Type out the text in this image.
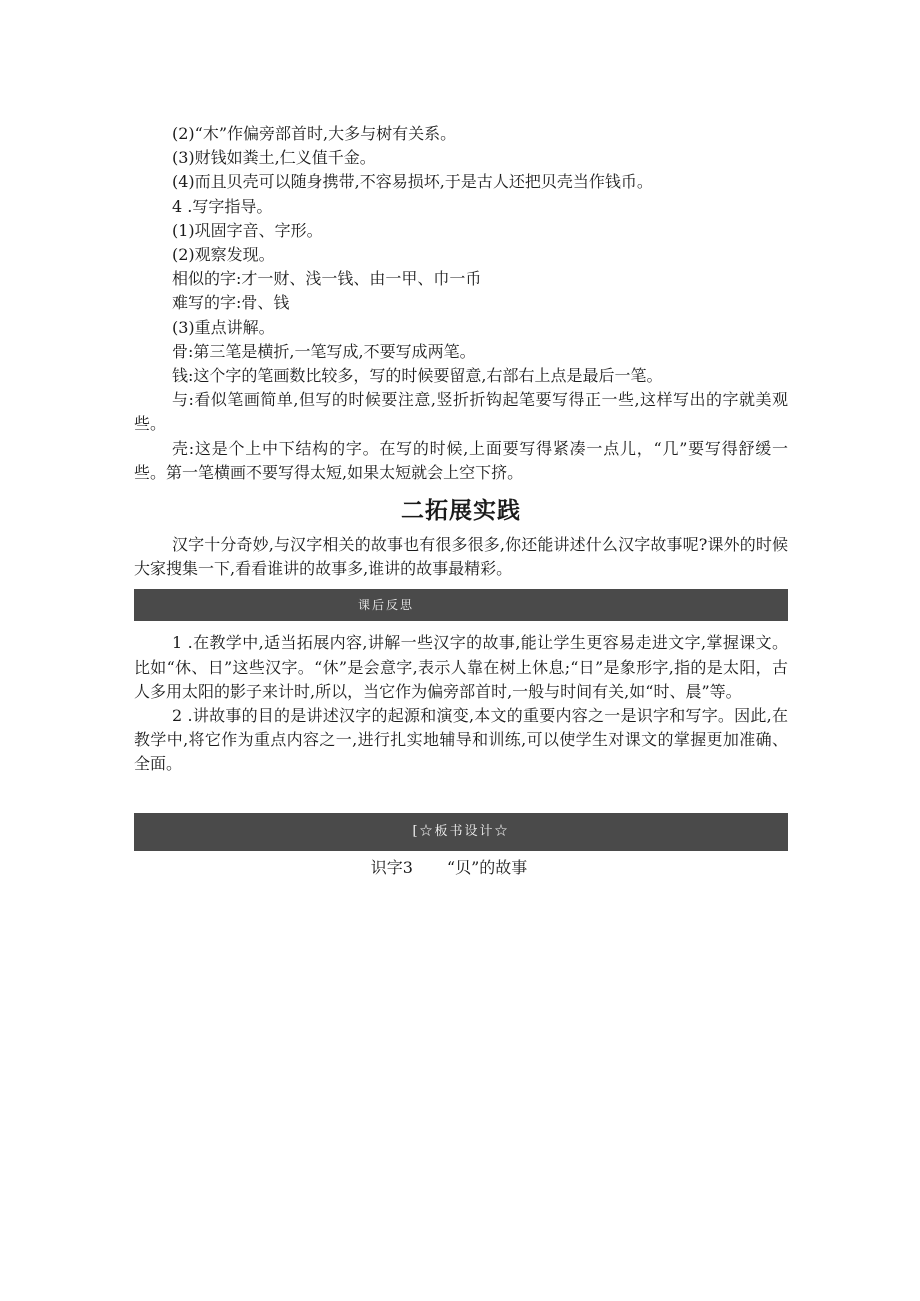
(2)“木”作偏旁部首时,大多与树有关系。

(3)财钱如粪土,仁义值千金。

(4)而且贝壳可以随身携带,不容易损坏,于是古人还把贝壳当作钱币。

4 .写字指导。

(1)巩固字音、字形。

(2)观察发现。

相似的字:才一财、浅一钱、由一甲、巾一币

难写的字:骨、钱

(3)重点讲解。

骨:第三笔是横折,一笔写成,不要写成两笔。

钱:这个字的笔画数比较多，写的时候要留意,右部右上点是最后一笔。

与:看似笔画简单,但写的时候要注意,竖折折钩起笔要写得正一些,这样写出的字就美观些。

壳:这是个上中下结构的字。在写的时候,上面要写得紧凑一点儿，“几”要写得舒缓一些。第一笔横画不要写得太短,如果太短就会上空下挤。

二拓展实践

汉字十分奇妙,与汉字相关的故事也有很多很多,你还能讲述什么汉字故事呢?课外的时候大家搜集一下,看看谁讲的故事多,谁讲的故事最精彩。

课后反思

1 .在教学中,适当拓展内容,讲解一些汉字的故事,能让学生更容易走进文字,掌握课文。比如“休、日”这些汉字。“休”是会意字,表示人靠在树上休息;“日”是象形字,指的是太阳，古人多用太阳的影子来计时,所以，当它作为偏旁部首时,一般与时间有关,如“时、晨”等。

2 .讲故事的目的是讲述汉字的起源和演变,本文的重要内容之一是识字和写字。因此,在教学中,将它作为重点内容之一,进行扎实地辅导和训练,可以使学生对课文的掌握更加准确、全面。

[☆板书设计☆
识字3 “贝”的故事
